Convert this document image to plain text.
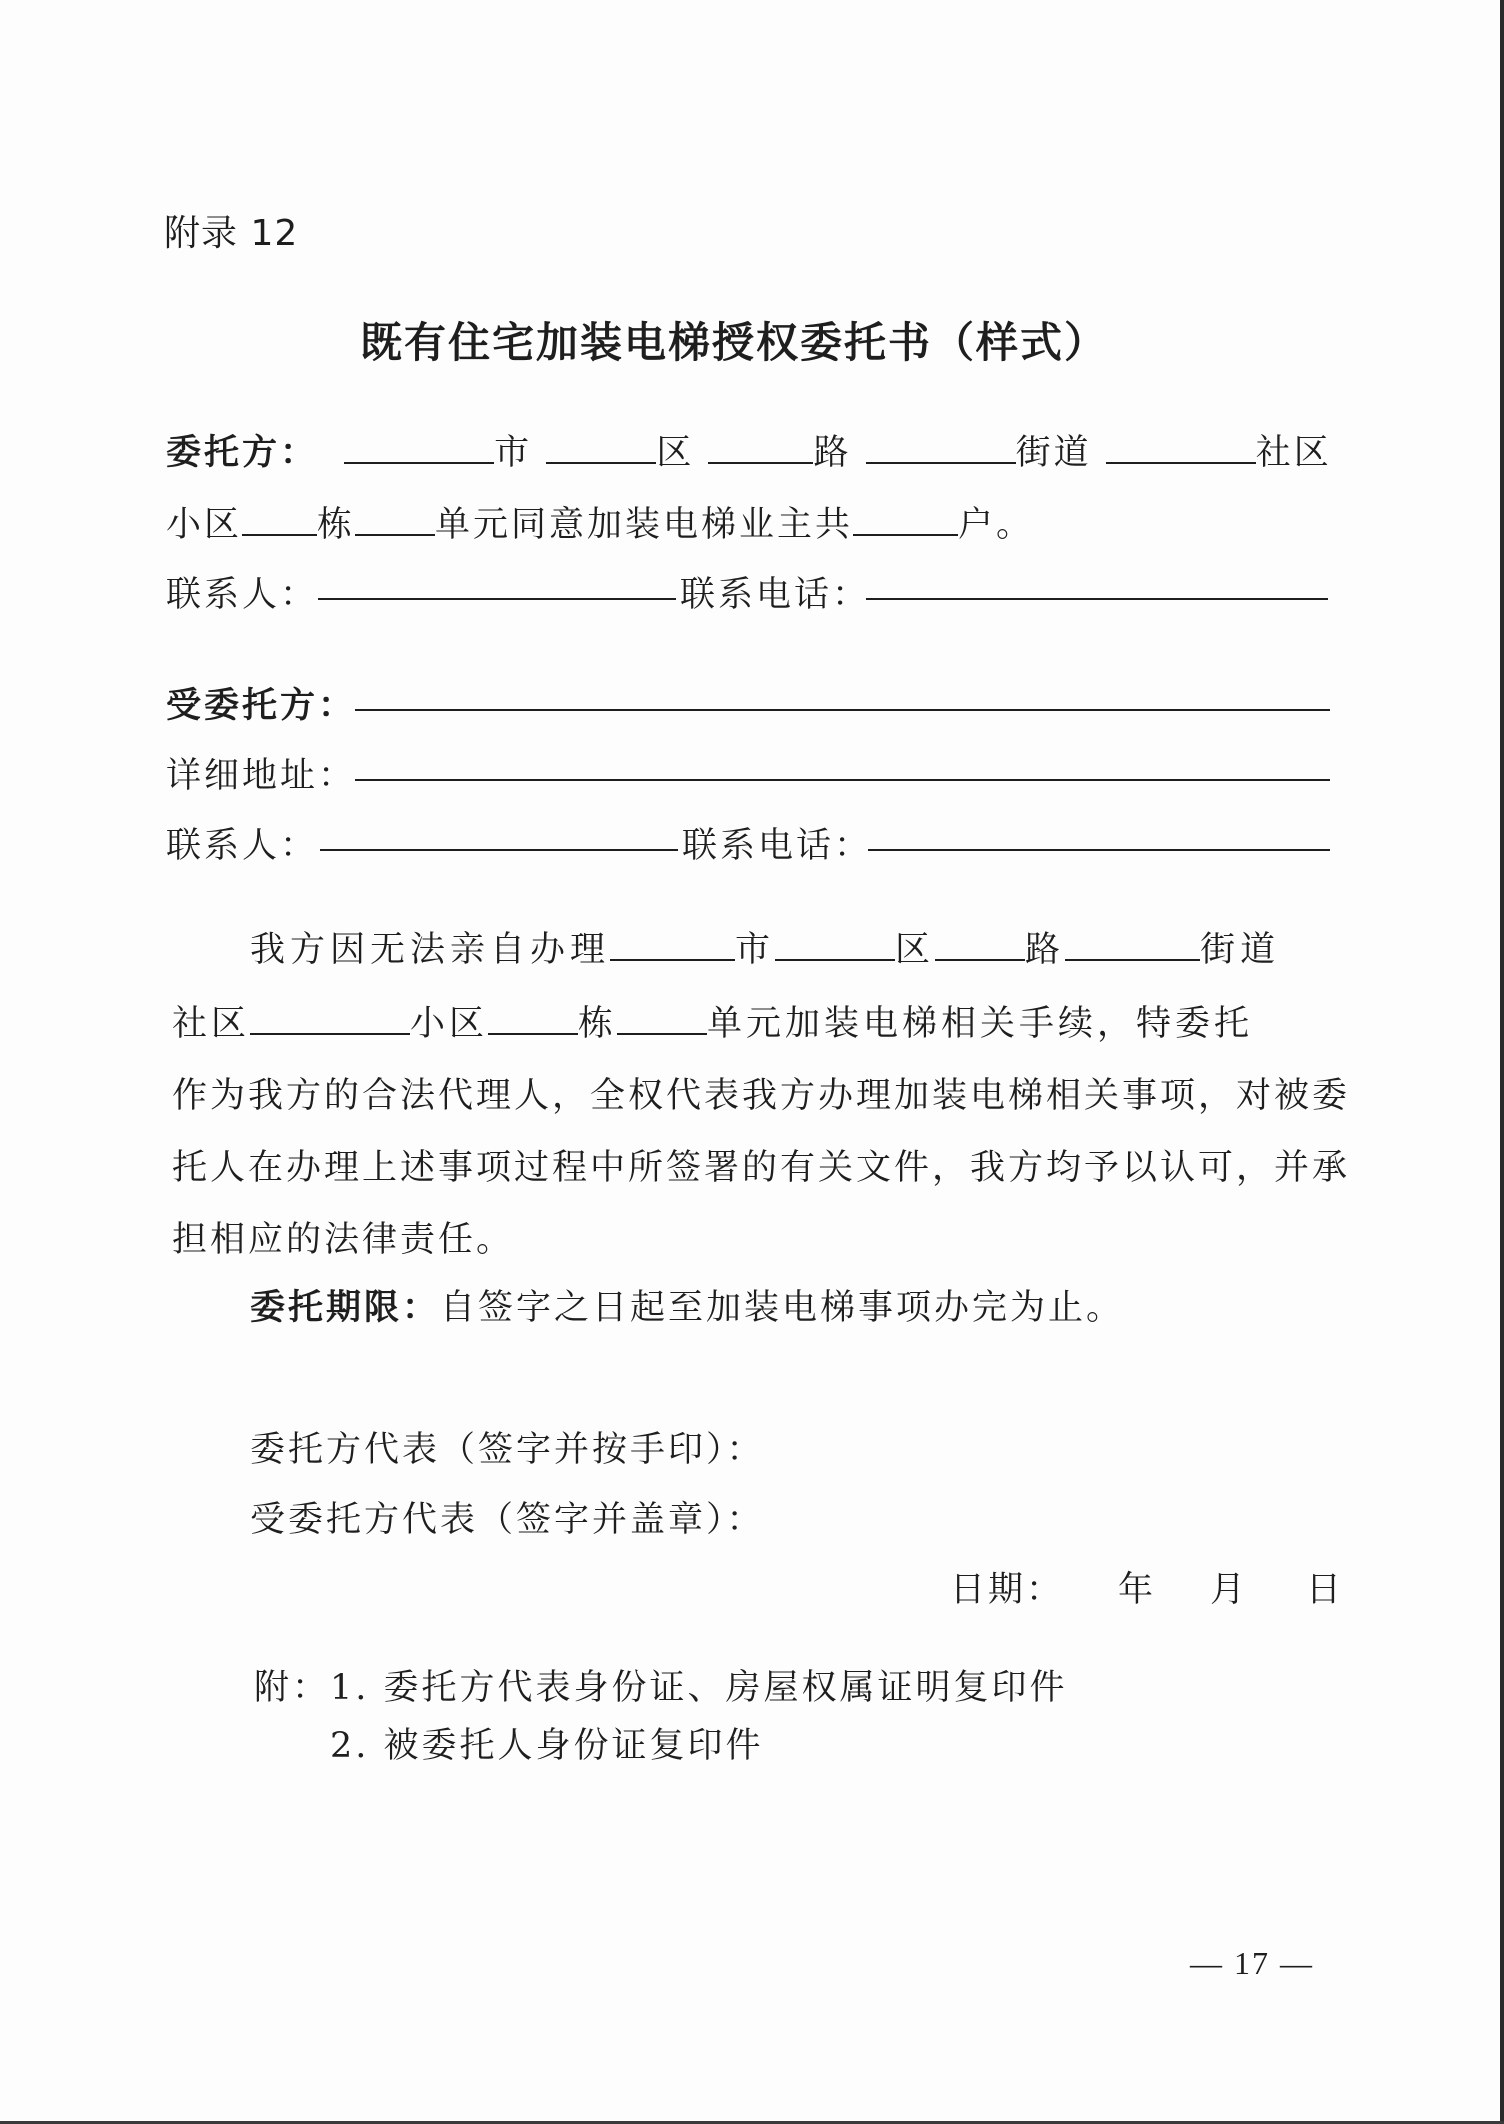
附录 12
既有住宅加装电梯授权委托书（样式）
委托方：	市	区	路	街道	社区
小区 栋 单元同意加装电梯业主共	户。
联系人：	联系电话：
受委托方：
详细地址：
联系人：	联系电话：
我方因无法亲自办理	市	区	路	街道
社区	小区	栋	单元加装电梯相关手续，特委托
作为我方的合法代理人，全权代表我方办理加装电梯相关事项，对被委
托人在办理上述事项过程中所签署的有关文件，我方均予以认可，并承
担相应的法律责任。
委托期限：自签字之日起至加装电梯事项办完为止。
委托方代表（签字并按手印）：
受委托方代表（签字并盖章）：
日期： 年 月 日
附： 1. 委托方代表身份证、房屋权属证明复印件
2. 被委托人身份证复印件
— 17 —
